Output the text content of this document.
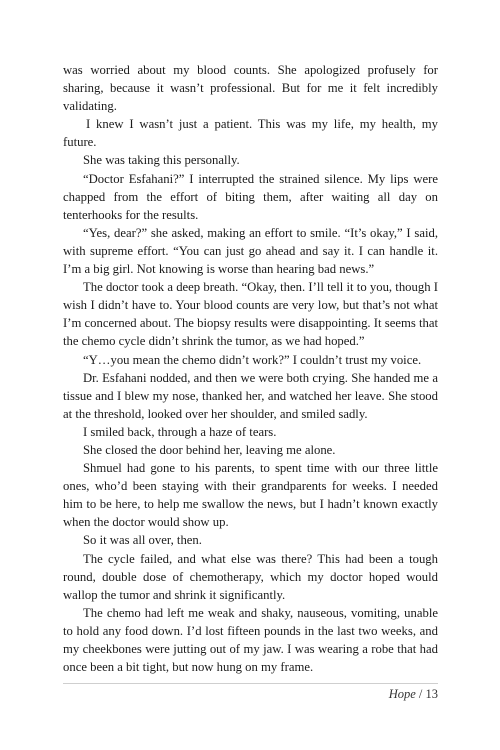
was worried about my blood counts. She apologized profusely for sharing, because it wasn’t professional. But for me it felt incredibly validating.

I knew I wasn’t just a patient. This was my life, my health, my future.

She was taking this personally.

“Doctor Esfahani?” I interrupted the strained silence. My lips were chapped from the effort of biting them, after waiting all day on tenterhooks for the results.

“Yes, dear?” she asked, making an effort to smile. “It’s okay,” I said, with supreme effort. “You can just go ahead and say it. I can handle it. I’m a big girl. Not knowing is worse than hearing bad news.”

The doctor took a deep breath. “Okay, then. I’ll tell it to you, though I wish I didn’t have to. Your blood counts are very low, but that’s not what I’m concerned about. The biopsy results were disappointing. It seems that the chemo cycle didn’t shrink the tumor, as we had hoped.”

“Y…you mean the chemo didn’t work?” I couldn’t trust my voice.

Dr. Esfahani nodded, and then we were both crying. She handed me a tissue and I blew my nose, thanked her, and watched her leave. She stood at the threshold, looked over her shoulder, and smiled sadly.

I smiled back, through a haze of tears.

She closed the door behind her, leaving me alone.

Shmuel had gone to his parents, to spent time with our three little ones, who’d been staying with their grandparents for weeks. I needed him to be here, to help me swallow the news, but I hadn’t known exactly when the doctor would show up.

So it was all over, then.

The cycle failed, and what else was there? This had been a tough round, double dose of chemotherapy, which my doctor hoped would wallop the tumor and shrink it significantly.

The chemo had left me weak and shaky, nauseous, vomiting, unable to hold any food down. I’d lost fifteen pounds in the last two weeks, and my cheekbones were jutting out of my jaw. I was wearing a robe that had once been a bit tight, but now hung on my frame.

Hope / 13
